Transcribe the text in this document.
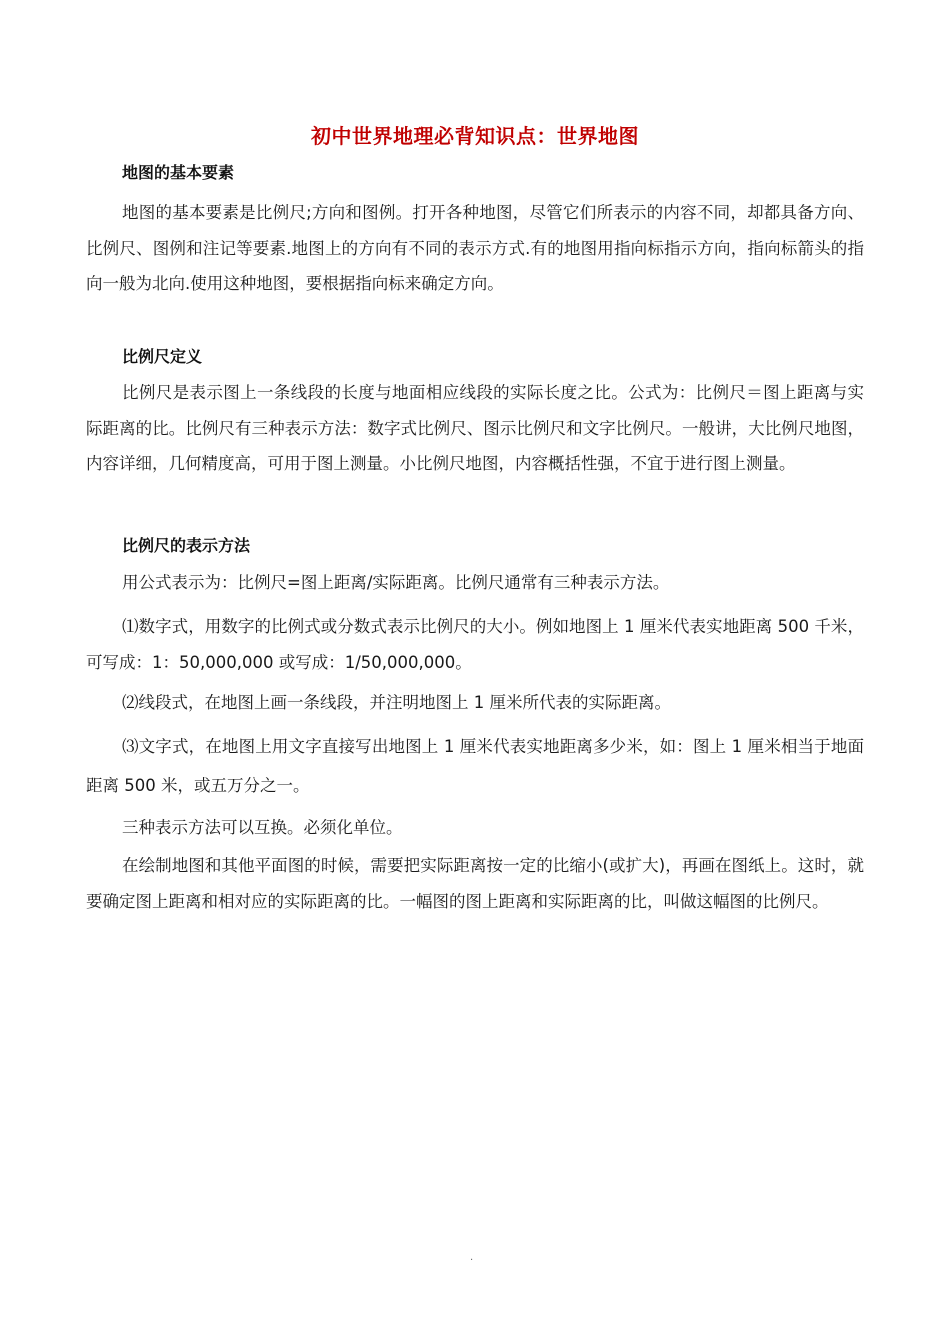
初中世界地理必背知识点：世界地图
地图的基本要素

地图的基本要素是比例尺;方向和图例。打开各种地图，尽管它们所表示的内容不同，却都具备方向、比例尺、图例和注记等要素.地图上的方向有不同的表示方式.有的地图用指向标指示方向，指向标箭头的指向一般为北向.使用这种地图，要根据指向标来确定方向。

比例尺定义

比例尺是表示图上一条线段的长度与地面相应线段的实际长度之比。公式为：比例尺＝图上距离与实际距离的比。比例尺有三种表示方法：数字式比例尺、图示比例尺和文字比例尺。一般讲，大比例尺地图，内容详细，几何精度高，可用于图上测量。小比例尺地图，内容概括性强，不宜于进行图上测量。

比例尺的表示方法

用公式表示为：比例尺=图上距离/实际距离。比例尺通常有三种表示方法。

⑴数字式，用数字的比例式或分数式表示比例尺的大小。例如地图上 1 厘米代表实地距离 500 千米，可写成：1：50,000,000 或写成：1/50,000,000。

⑵线段式，在地图上画一条线段，并注明地图上 1 厘米所代表的实际距离。

⑶文字式，在地图上用文字直接写出地图上 1 厘米代表实地距离多少米，如：图上 1 厘米相当于地面距离 500 米，或五万分之一。

三种表示方法可以互换。必须化单位。

在绘制地图和其他平面图的时候，需要把实际距离按一定的比缩小(或扩大)，再画在图纸上。这时，就要确定图上距离和相对应的实际距离的比。一幅图的图上距离和实际距离的比，叫做这幅图的比例尺。

.
